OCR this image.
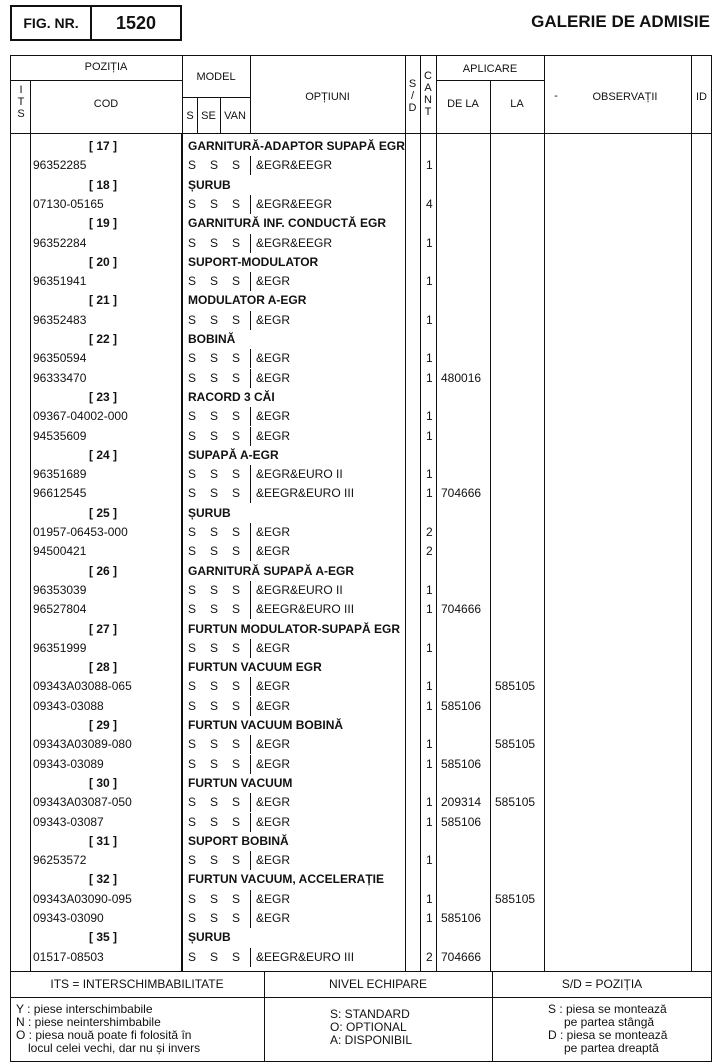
FIG. NR.	1520	GALERIE DE ADMISIE
POZIȚIA
I
T
S
COD
MODEL
S SE VAN
OPȚIUNI
S
/
D
C
A
N
T
APLICARE
DE LA	LA
-	OBSERVAȚII	ID
[ 17 ]	GARNITURĂ-ADAPTOR SUPAPĂ EGR
96352285	S S S &EGR&EEGR	1
[ 18 ]	ȘURUB
07130-05165	S S S &EGR&EEGR	4
[ 19 ]	GARNITURĂ INF. CONDUCTĂ EGR
96352284	S S S &EGR&EEGR	1
[ 20 ]	SUPORT-MODULATOR
96351941	S S S &EGR	1
[ 21 ]	MODULATOR A-EGR
96352483	S S S &EGR	1
[ 22 ]	BOBINĂ
96350594	S S S &EGR	1
96333470	S S S &EGR	1 480016
[ 23 ]	RACORD 3 CĂI
09367-04002-000	S S S &EGR	1
94535609	S S S &EGR	1
[ 24 ]	SUPAPĂ A-EGR
96351689	S S S &EGR&EURO II	1
96612545	S S S &EEGR&EURO III	1 704666
[ 25 ]	ȘURUB
01957-06453-000	S S S &EGR	2
94500421	S S S &EGR	2
[ 26 ]	GARNITURĂ SUPAPĂ A-EGR
96353039	S S S &EGR&EURO II	1
96527804	S S S &EEGR&EURO III	1 704666
[ 27 ]	FURTUN MODULATOR-SUPAPĂ EGR
96351999	S S S &EGR	1
[ 28 ]	FURTUN VACUUM EGR
09343A03088-065	S S S &EGR	1	585105
09343-03088	S S S &EGR	1 585106
[ 29 ]	FURTUN VACUUM BOBINĂ
09343A03089-080	S S S &EGR	1	585105
09343-03089	S S S &EGR	1 585106
[ 30 ]	FURTUN VACUUM
09343A03087-050	S S S &EGR	1 209314 585105
09343-03087	S S S &EGR	1 585106
[ 31 ]	SUPORT BOBINĂ
96253572	S S S &EGR	1
[ 32 ]	FURTUN VACUUM, ACCELERAȚIE
09343A03090-095	S S S &EGR	1	585105
09343-03090	S S S &EGR	1 585106
[ 35 ]	ȘURUB
01517-08503	S S S &EEGR&EURO III	2 704666
ITS = INTERSCHIMBABILITATE	NIVEL ECHIPARE	S/D = POZIȚIA
Y : piese interschimbabile
N : piese neintershimbabile
O : piesa nouă poate fi folosită în
locul celei vechi, dar nu și invers
S: STANDARD
O: OPTIONAL
A: DISPONIBIL
S : piesa se montează
pe partea stângă
D : piesa se montează
pe partea dreaptă
